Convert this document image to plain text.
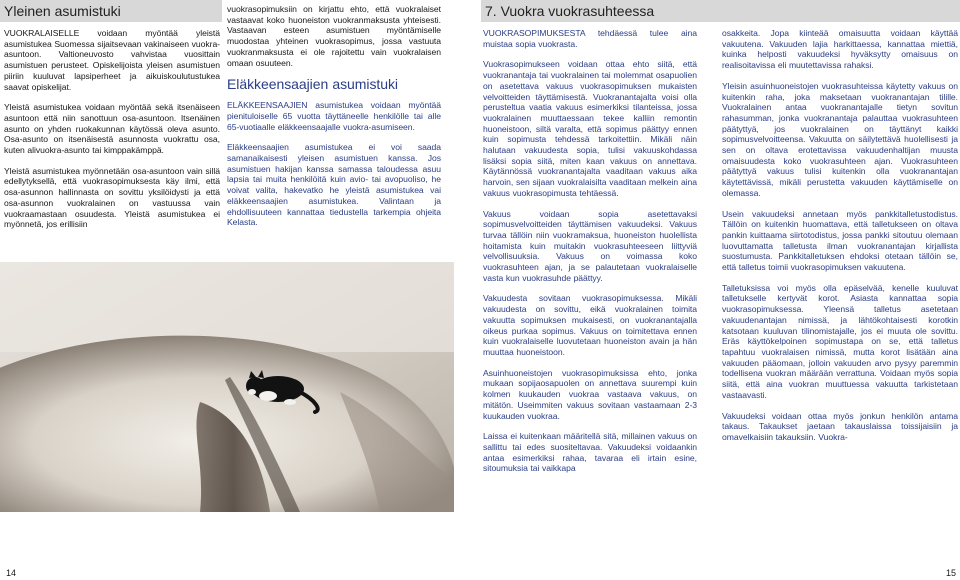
Yleinen asumistuki

VUOKRALAISELLE voidaan myöntää yleistä asumistukea Suomessa sijaitsevaan vakinaiseen vuokra-asuntoon. Valtioneuvosto vahvistaa vuosittain asumistuen perusteet. Opiskelijoista yleisen asumistuen piiriin kuuluvat lapsiperheet ja aikuiskoulutustukea saavat opiskelijat.

Yleistä asumistukea voidaan myöntää sekä itsenäiseen asuntoon että niin sanottuun osa-asuntoon. Itsenäinen asunto on yhden ruokakunnan käytössä oleva asunto. Osa-asunto on itsenäisestä asunnosta vuokrattu osa, kuten alivuokra-asunto tai kimppakämppä.

Yleistä asumistukea myönnetään osa-asuntoon vain sillä edellytyksellä, että vuokrasopimuksesta käy ilmi, että osa-asunnon hallinnasta on sovittu yksilöidysti ja että osa-asunnon vuokralainen on vastuussa vain vuokraamastaan osuudesta. Yleistä asumistukea ei myönnetä, jos erillisiin

vuokrasopimuksiin on kirjattu ehto, että vuokralaiset vastaavat koko huoneiston vuokranmaksusta yhteisesti. Vastaavan esteen asumistuen myöntämiselle muodostaa yhteinen vuokrasopimus, jossa vastuuta vuokranmaksusta ei ole rajoitettu vain vuokralaisen omaan osuuteen.

Eläkkeensaajien asumistuki

ELÄKKEENSAAJIEN asumistukea voidaan myöntää pienituloiselle 65 vuotta täyttäneelle henkilölle tai alle 65-vuotiaalle eläkkeensaajalle vuokra-asumiseen.

Eläkkeensaajien asumistukea ei voi saada samanaikaisesti yleisen asumistuen kanssa. Jos asumistuen hakijan kanssa samassa taloudessa asuu lapsia tai muita henkilöitä kuin avio- tai avopuoliso, he voivat valita, hakevatko he yleistä asumistukea vai eläkkeensaajien asumistukea. Valintaan ja ehdollisuuteen kannattaa tiedustella tarkempia ohjeita Kelasta.

14
7. Vuokra vuokrasuhteessa

VUOKRASOPIMUKSESTA tehdäessä tulee aina muistaa sopia vuokrasta.

Vuokrasopimukseen voidaan ottaa ehto siitä, että vuokranantaja tai vuokralainen tai molemmat osapuolien on asetettava vakuus vuokrasopimuksen mukaisten velvoitteiden täyttämisestä. Vuokranantajalta voisi olla perusteltua vaatia vakuus esimerkiksi tilanteissa, jossa vuokralainen muuttaessaan tekee kalliin remontin huoneistoon, siltä varalta, että sopimus päättyy ennen kuin sopimusta tehdessä tarkoitettiin. Mikäli näin halutaan vakuudesta sopia, tulisi vakuuskohdassa lisäksi sopia siitä, miten kaan vakuus on annettava. Käytännössä vuokranantajalta vaaditaan vakuus aika harvoin, sen sijaan vuokralaisilta vaaditaan melkein aina vakuus vuokrasopimusta tehtäessä.

Vakuus voidaan sopia asetettavaksi sopimusvelvoitteiden täyttämisen vakuudeksi. Vakuus turvaa tällöin niin vuokramaksua, huoneiston huolellista hoitamista kuin muitakin vuokrasuhteeseen liittyviä velvollisuuksia. Vakuus on voimassa koko vuokrasuhteen ajan, ja se palautetaan vuokralaiselle vasta kun vuokrasuhde päättyy.

Vakuudesta sovitaan vuokrasopimuksessa. Mikäli vakuudesta on sovittu, eikä vuokralainen toimita vakuutta sopimuksen mukaisesti, on vuokranantajalla oikeus purkaa sopimus. Vakuus on toimitettava ennen kuin vuokralaiselle luovutetaan huoneiston avain ja hän muuttaa huoneistoon.

Asuinhuoneistojen vuokrasopimuksissa ehto, jonka mukaan sopijaosapuolen on annettava suurempi kuin kolmen kuukauden vuokraa vastaava vakuus, on mitätön. Useimmiten vakuus sovitaan vastaamaan 2-3 kuukauden vuokraa.

Laissa ei kuitenkaan määritellä sitä, millainen vakuus on sallittu tai edes suositeltavaa. Vakuudeksi voidaankin antaa esimerkiksi rahaa, tavaraa eli irtain esine, sitoumuksia tai vaikkapa

osakkeita. Jopa kiinteää omaisuutta voidaan käyttää vakuutena. Vakuuden lajia harkittaessa, kannattaa miettiä, kuinka helposti vakuudeksi hyväksytty omaisuus on realisoitavissa eli muutettavissa rahaksi.

Yleisin asuinhuoneistojen vuokrasuhteissa käytetty vakuus on kuitenkin raha, joka maksetaan vuokranantajan tilille. Vuokralainen antaa vuokranantajalle tietyn sovitun rahasumman, jonka vuokranantaja palauttaa vuokrasuhteen päätyttyä, jos vuokralainen on täyttänyt kaikki sopimusvelvoitteensa. Vakuutta on säilytettävä huolellisesti ja sen on oltava erotettavissa vakuudenhaltijan muusta omaisuudesta koko vuokrasuhteen ajan. Vuokrasuhteen päätyttyä vakuus tulisi kuitenkin olla vuokranantajan käytettävissä, mikäli perustetta vakuuden käyttämiselle on olemassa.

Usein vakuudeksi annetaan myös pankkitalletustodistus. Tällöin on kuitenkin huomattava, että talletukseen on oltava pankin kuittaama siirtotodistus, jossa pankki sitoutuu olemaan luovuttamatta talletusta ilman vuokranantajan kirjallista suostumusta. Pankkitalletuksen ehdoksi otetaan tällöin se, että talletus toimii vuokrasopimuksen vakuutena.

Talletuksissa voi myös olla epäselvää, kenelle kuuluvat talletukselle kertyvät korot. Asiasta kannattaa sopia vuokrasopimuksessa. Yleensä talletus asetetaan vakuudenantajan nimissä, ja lähtökohtaisesti korotkin katsotaan kuuluvan tilinomistajalle, jos ei muuta ole sovittu. Eräs käyttökelpoinen sopimustapa on se, että talletus tapahtuu vuokralaisen nimissä, mutta korot lisätään aina vakuuden pääomaan, jolloin vakuuden arvo pysyy paremmin todellisena vuokran määrään verrattuna. Voidaan myös sopia siitä, että aina vuokran muuttuessa vakuutta tarkistetaan vastaavasti.

Vakuudeksi voidaan ottaa myös jonkun henkilön antama takaus. Takaukset jaetaan takauslaissa toissijaisiin ja omavelkaisiin takauksiin. Vuokra-

15
